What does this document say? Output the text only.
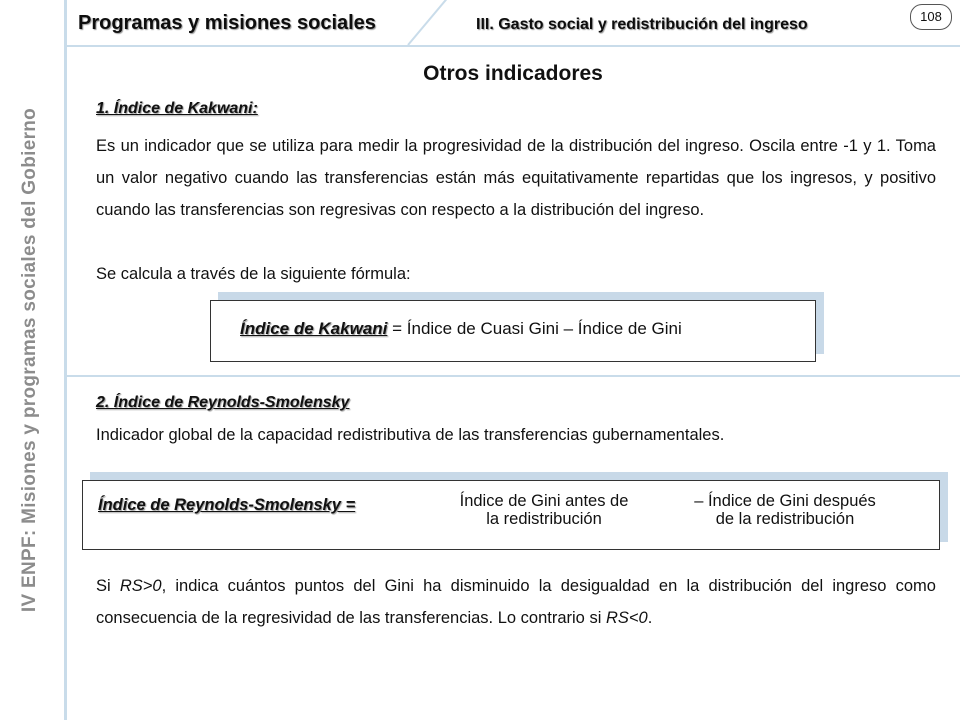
IV ENPF: Misiones y programas sociales del Gobierno
Programas y misiones sociales	III. Gasto social y redistribución del ingreso	108
Otros indicadores
1. Índice de Kakwani:
Es un indicador que se utiliza para medir la progresividad de la distribución del ingreso. Oscila entre -1 y 1. Toma un valor negativo cuando las transferencias están más equitativamente repartidas que los ingresos, y positivo cuando las transferencias son regresivas con respecto a la distribución del ingreso.
Se calcula a través de la siguiente fórmula:
Índice de Kakwani = Índice de Cuasi Gini – Índice de Gini
2. Índice de Reynolds-Smolensky
Indicador global de la capacidad redistributiva de las transferencias gubernamentales.
Índice de Reynolds-Smolensky =	Índice de Gini antes de
la redistribución
– Índice de Gini después
de la redistribución
Si RS>0, indica cuántos puntos del Gini ha disminuido la desigualdad en la distribución del ingreso como consecuencia de la regresividad de las transferencias. Lo contrario si RS<0.
